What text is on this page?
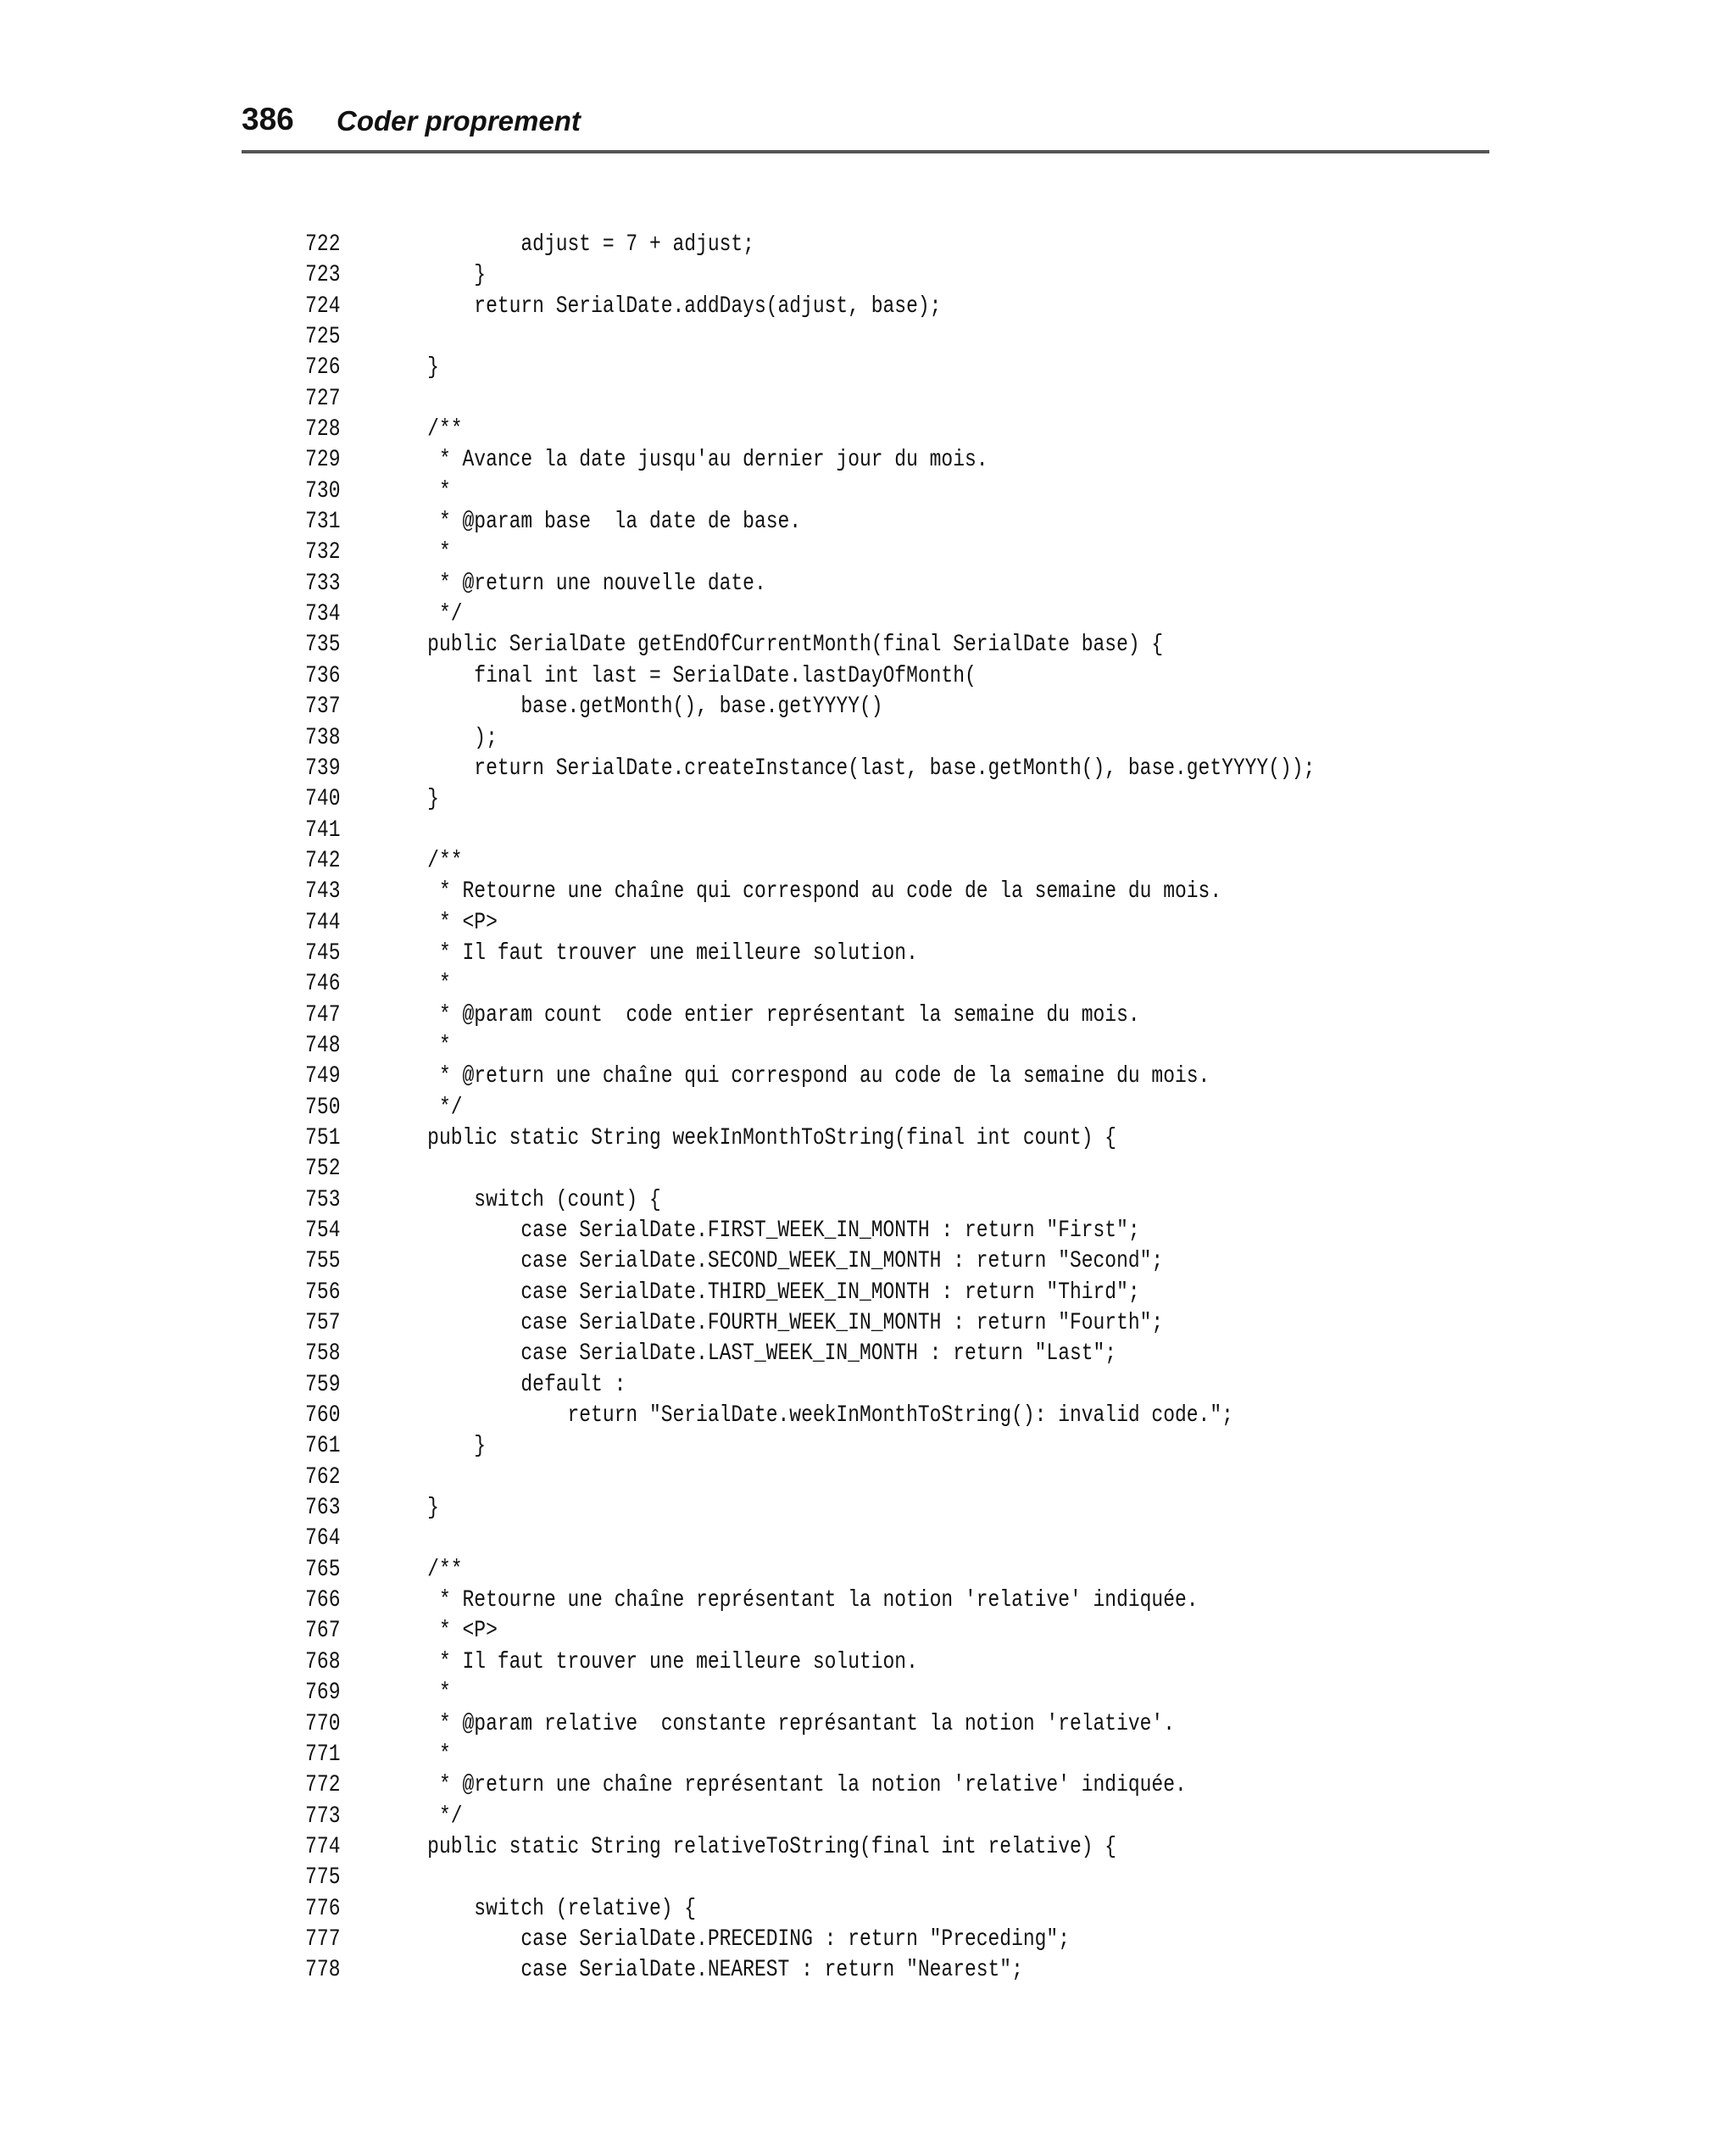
386 Coder proprement
722 adjust = 7 + adjust;
723 }
724 return SerialDate.addDays(adjust, base);
725
726 }
727
728 /**
729 * Avance la date jusqu'au dernier jour du mois.
730 *
731 * @param base  la date de base.
732 *
733 * @return une nouvelle date.
734 */
735 public SerialDate getEndOfCurrentMonth(final SerialDate base) {
736 final int last = SerialDate.lastDayOfMonth(
737 base.getMonth(), base.getYYYY()
738 );
739 return SerialDate.createInstance(last, base.getMonth(), base.getYYYY());
740 }
741
742 /**
743 * Retourne une chaîne qui correspond au code de la semaine du mois.
744 * <P>
745 * Il faut trouver une meilleure solution.
746 *
747 * @param count  code entier représentant la semaine du mois.
748 *
749 * @return une chaîne qui correspond au code de la semaine du mois.
750 */
751 public static String weekInMonthToString(final int count) {
752
753 switch (count) {
754 case SerialDate.FIRST_WEEK_IN_MONTH : return "First";
755 case SerialDate.SECOND_WEEK_IN_MONTH : return "Second";
756 case SerialDate.THIRD_WEEK_IN_MONTH : return "Third";
757 case SerialDate.FOURTH_WEEK_IN_MONTH : return "Fourth";
758 case SerialDate.LAST_WEEK_IN_MONTH : return "Last";
759 default :
760 return "SerialDate.weekInMonthToString(): invalid code.";
761 }
762
763 }
764
765 /**
766 * Retourne une chaîne représentant la notion 'relative' indiquée.
767 * <P>
768 * Il faut trouver une meilleure solution.
769 *
770 * @param relative  constante représantant la notion 'relative'.
771 *
772 * @return une chaîne représentant la notion 'relative' indiquée.
773 */
774 public static String relativeToString(final int relative) {
775
776 switch (relative) {
777 case SerialDate.PRECEDING : return "Preceding";
778 case SerialDate.NEAREST : return "Nearest";
